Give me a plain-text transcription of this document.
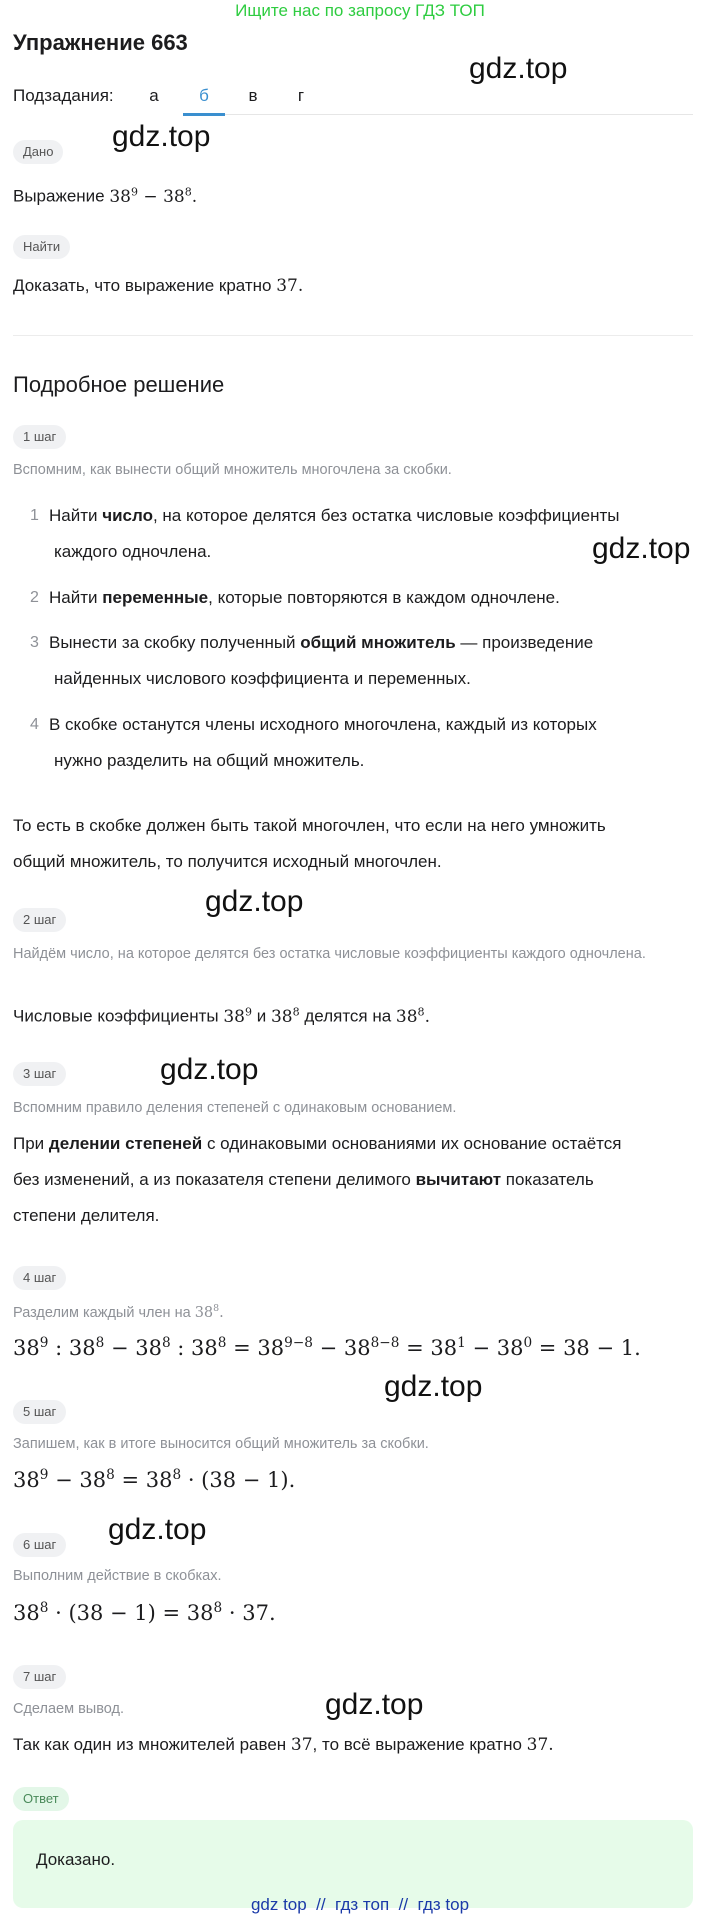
Ищите нас по запросу ГДЗ ТОП
Упражнение 663
Подзадания:	а	б	в	г
gdz.top
gdz.top
gdz.top
gdz.top
gdz.top
gdz.top
gdz.top
gdz.top
Дано
Выражение $38^9 - 38^8$.
Найти
Доказать, что выражение кратно 37.
Подробное решение
1 шаг
Вспомним, как вынести общий множитель многочлена за скобки.
1 Найти число, на которое делятся без остатка числовые коэффициенты
каждого одночлена.
2 Найти переменные, которые повторяются в каждом одночлене.
3 Вынести за скобку полученный общий множитель — произведение
найденных числового коэффициента и переменных.
4 В скобке останутся члены исходного многочлена, каждый из которых
нужно разделить на общий множитель.
То есть в скобке должен быть такой многочлен, что если на него умножить
общий множитель, то получится исходный многочлен.
2 шаг
Найдём число, на которое делятся без остатка числовые коэффициенты каждого одночлена.
Числовые коэффициенты $38^9$ и $38^8$ делятся на $38^8$.
3 шаг
Вспомним правило деления степеней с одинаковым основанием.
При делении степеней с одинаковыми основаниями их основание остаётся
без изменений, а из показателя степени делимого вычитают показатель
степени делителя.
4 шаг
Разделим каждый член на $38^8$.
$38^9$ : $38^8 - 38^8$ : $38^8 = 38^{9-8} - 38^{8-8} = 38^1 - 38^0 = 38 - 1$.
5 шаг
Запишем, как в итоге выносится общий множитель за скобки.
$38^9 - 38^8 = 38^8 \cdot (38 - 1)$.
6 шаг
Выполним действие в скобках.
$38^8 \cdot (38 - 1) = 38^8 \cdot 37$.
7 шаг
Сделаем вывод.
Так как один из множителей равен 37, то всё выражение кратно 37.
Ответ
Доказано.
gdz top  //  гдз топ  //  гдз top
